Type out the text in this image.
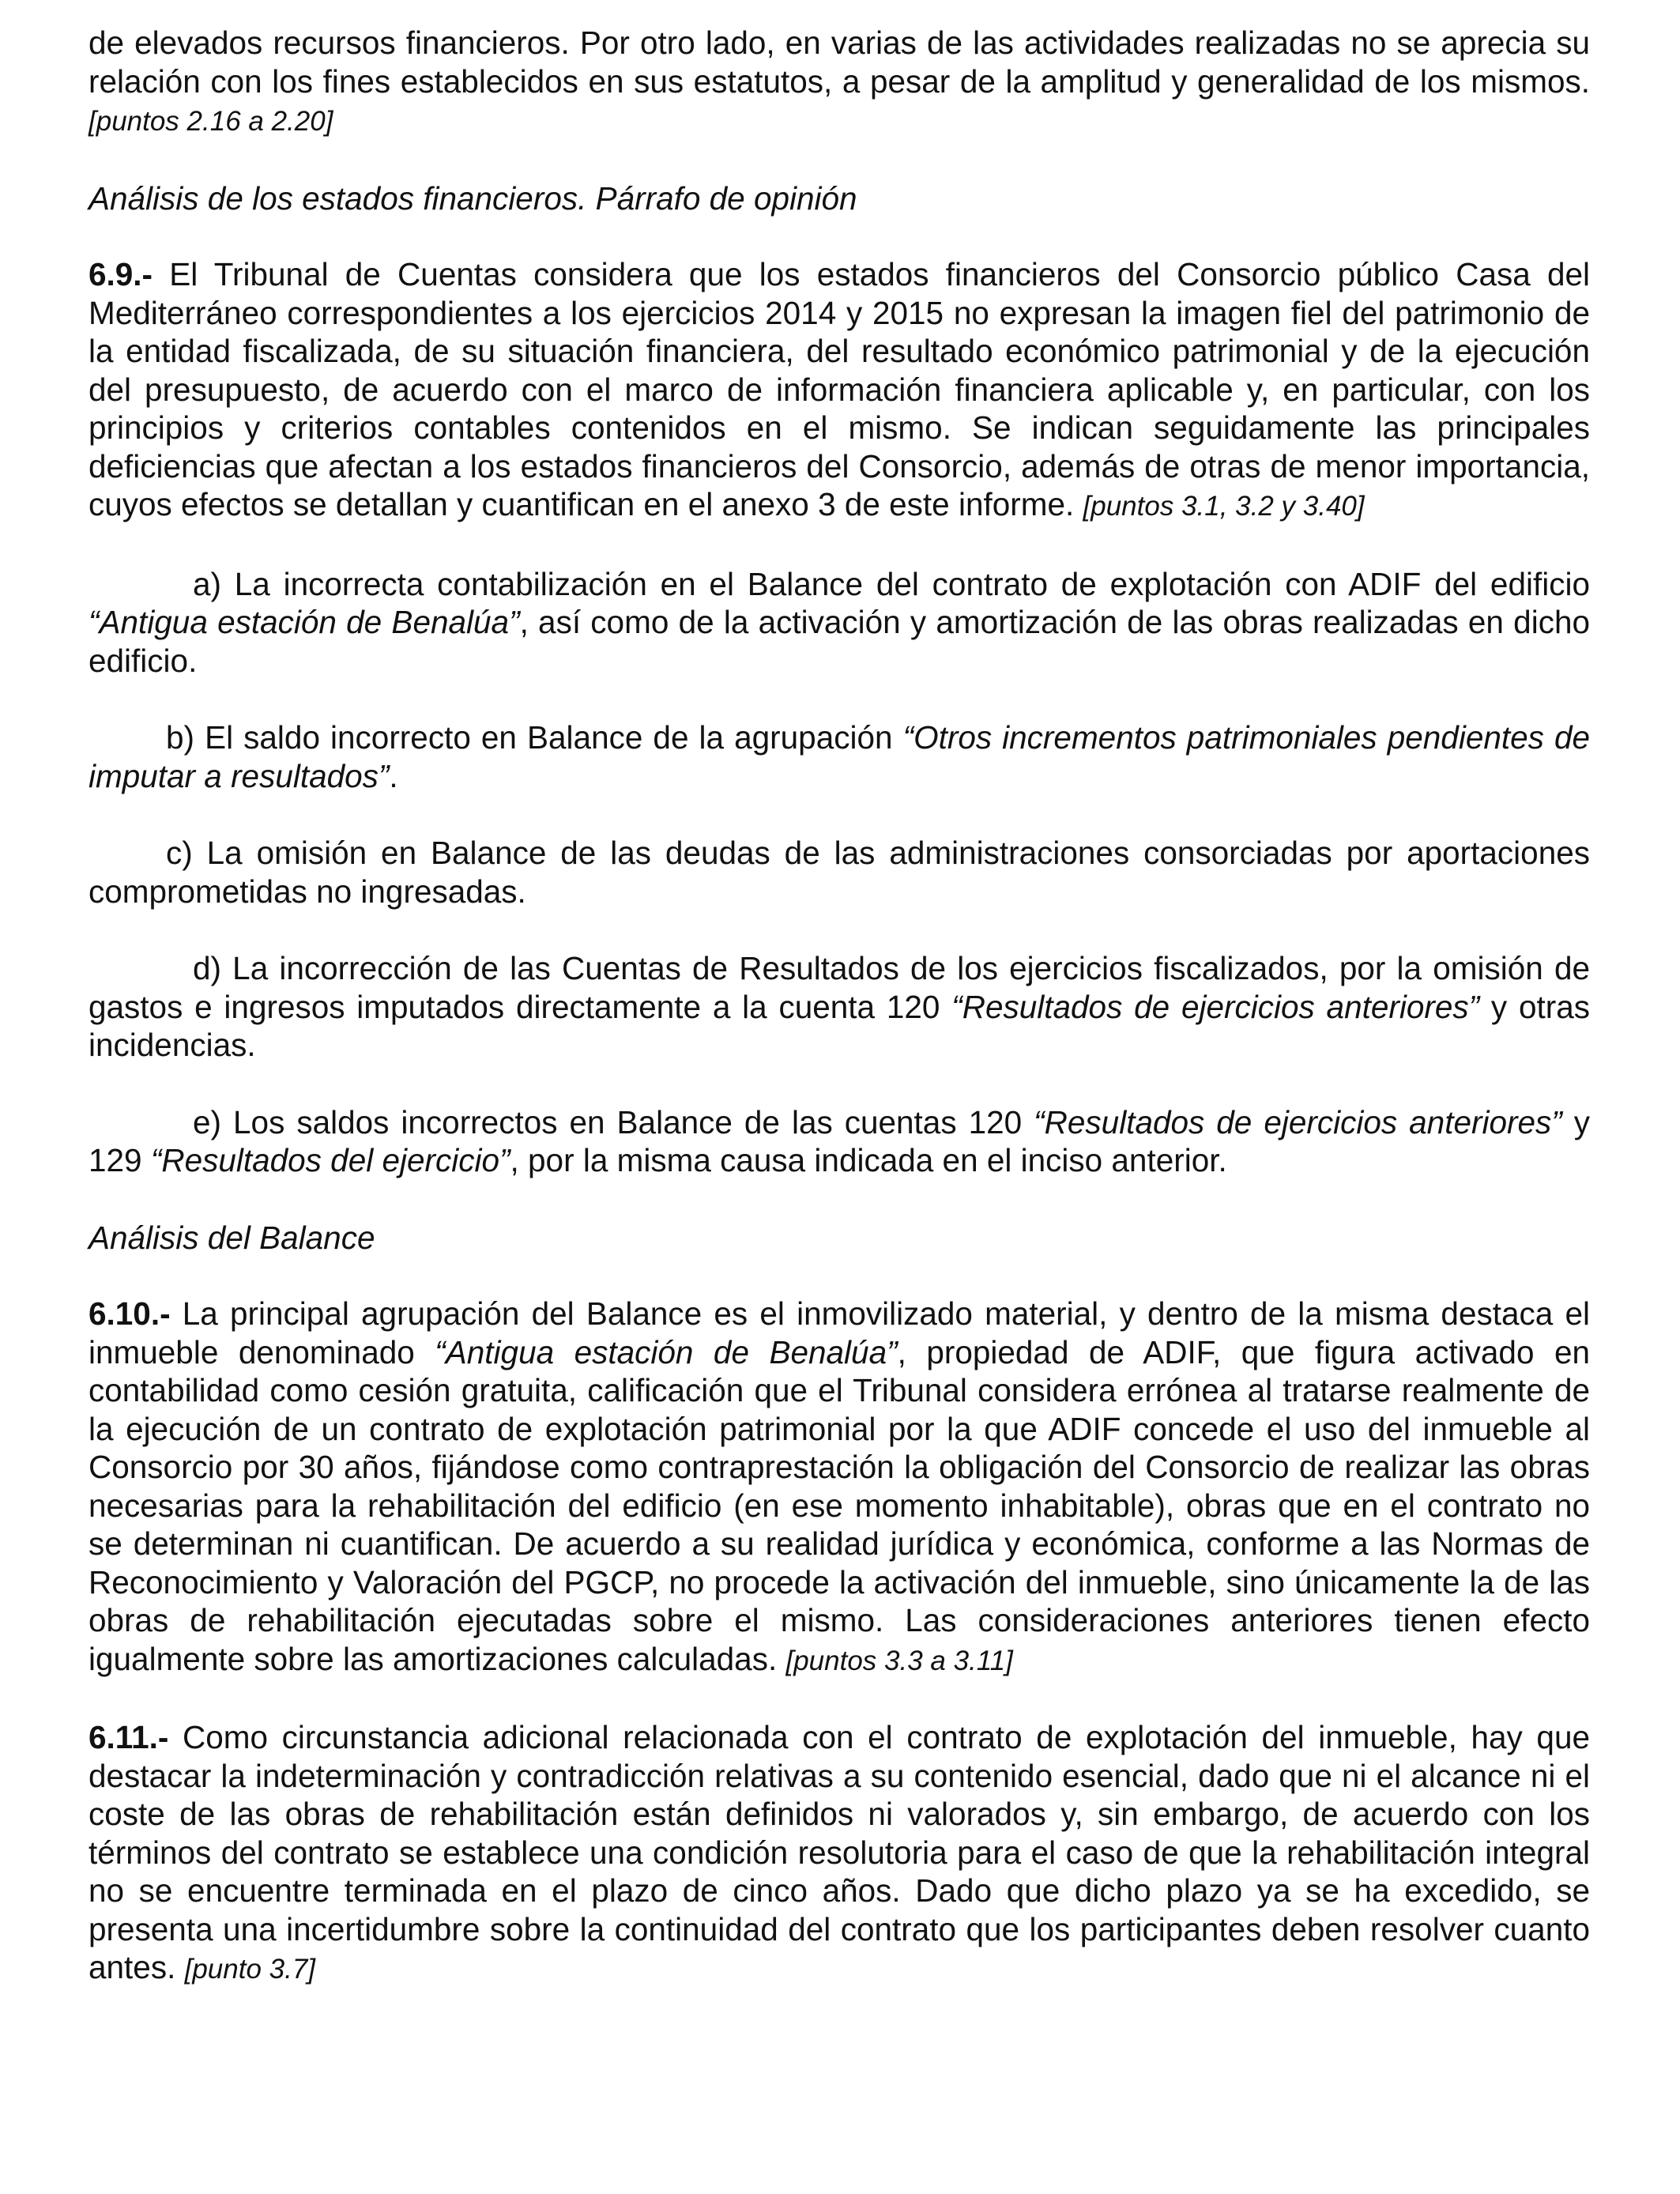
de elevados recursos financieros. Por otro lado, en varias de las actividades realizadas no se aprecia su relación con los fines establecidos en sus estatutos, a pesar de la amplitud y generalidad de los mismos. [puntos 2.16 a 2.20]

Análisis de los estados financieros. Párrafo de opinión

6.9.- El Tribunal de Cuentas considera que los estados financieros del Consorcio público Casa del Mediterráneo correspondientes a los ejercicios 2014 y 2015 no expresan la imagen fiel del patrimonio de la entidad fiscalizada, de su situación financiera, del resultado económico patrimonial y de la ejecución del presupuesto, de acuerdo con el marco de información financiera aplicable y, en particular, con los principios y criterios contables contenidos en el mismo. Se indican seguidamente las principales deficiencias que afectan a los estados financieros del Consorcio, además de otras de menor importancia, cuyos efectos se detallan y cuantifican en el anexo 3 de este informe. [puntos 3.1, 3.2 y 3.40]

a) La incorrecta contabilización en el Balance del contrato de explotación con ADIF del edificio “Antigua estación de Benalúa”, así como de la activación y amortización de las obras realizadas en dicho edificio.

b) El saldo incorrecto en Balance de la agrupación “Otros incrementos patrimoniales pendientes de imputar a resultados”.

c) La omisión en Balance de las deudas de las administraciones consorciadas por aportaciones comprometidas no ingresadas.

d) La incorrección de las Cuentas de Resultados de los ejercicios fiscalizados, por la omisión de gastos e ingresos imputados directamente a la cuenta 120 “Resultados de ejercicios anteriores” y otras incidencias.

e) Los saldos incorrectos en Balance de las cuentas 120 “Resultados de ejercicios anteriores” y 129 “Resultados del ejercicio”, por la misma causa indicada en el inciso anterior.

Análisis del Balance

6.10.- La principal agrupación del Balance es el inmovilizado material, y dentro de la misma destaca el inmueble denominado “Antigua estación de Benalúa”, propiedad de ADIF, que figura activado en contabilidad como cesión gratuita, calificación que el Tribunal considera errónea al tratarse realmente de la ejecución de un contrato de explotación patrimonial por la que ADIF concede el uso del inmueble al Consorcio por 30 años, fijándose como contraprestación la obligación del Consorcio de realizar las obras necesarias para la rehabilitación del edificio (en ese momento inhabitable), obras que en el contrato no se determinan ni cuantifican. De acuerdo a su realidad jurídica y económica, conforme a las Normas de Reconocimiento y Valoración del PGCP, no procede la activación del inmueble, sino únicamente la de las obras de rehabilitación ejecutadas sobre el mismo. Las consideraciones anteriores tienen efecto igualmente sobre las amortizaciones calculadas. [puntos 3.3 a 3.11]

6.11.- Como circunstancia adicional relacionada con el contrato de explotación del inmueble, hay que destacar la indeterminación y contradicción relativas a su contenido esencial, dado que ni el alcance ni el coste de las obras de rehabilitación están definidos ni valorados y, sin embargo, de acuerdo con los términos del contrato se establece una condición resolutoria para el caso de que la rehabilitación integral no se encuentre terminada en el plazo de cinco años. Dado que dicho plazo ya se ha excedido, se presenta una incertidumbre sobre la continuidad del contrato que los participantes deben resolver cuanto antes. [punto 3.7]
